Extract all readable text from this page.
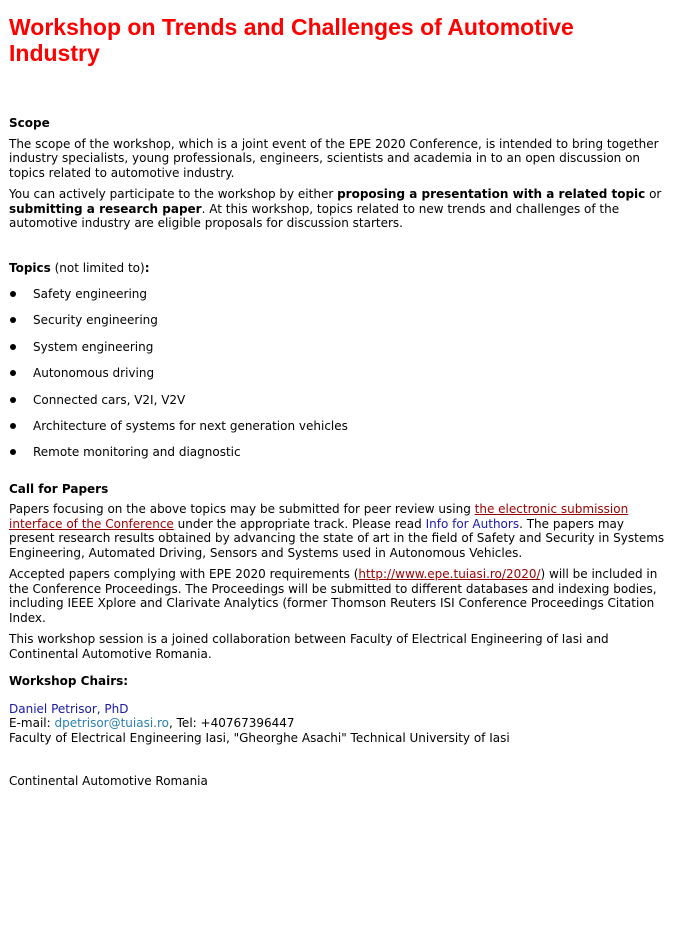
Workshop on Trends and Challenges of Automotive Industry
Scope

The scope of the workshop, which is a joint event of the EPE 2020 Conference, is intended to bring together industry specialists, young professionals, engineers, scientists and academia in to an open discussion on topics related to automotive industry.

You can actively participate to the workshop by either proposing a presentation with a related topic or submitting a research paper. At this workshop, topics related to new trends and challenges of the automotive industry are eligible proposals for discussion starters.

Topics (not limited to):
Safety engineering
Security engineering
System engineering
Autonomous driving
Connected cars, V2I, V2V
Architecture of systems for next generation vehicles
Remote monitoring and diagnostic
Call for Papers

Papers focusing on the above topics may be submitted for peer review using the electronic submission interface of the Conference under the appropriate track. Please read Info for Authors. The papers may present research results obtained by advancing the state of art in the field of Safety and Security in Systems Engineering, Automated Driving, Sensors and Systems used in Autonomous Vehicles.

Accepted papers complying with EPE 2020 requirements (http://www.epe.tuiasi.ro/2020/) will be included in the Conference Proceedings. The Proceedings will be submitted to different databases and indexing bodies, including IEEE Xplore and Clarivate Analytics (former Thomson Reuters ISI Conference Proceedings Citation Index.

This workshop session is a joined collaboration between Faculty of Electrical Engineering of Iasi and Continental Automotive Romania.

Workshop Chairs:
Daniel Petrisor, PhD
E-mail: dpetrisor@tuiasi.ro, Tel: +40767396447
Faculty of Electrical Engineering Iasi, "Gheorghe Asachi" Technical University of Iasi
Continental Automotive Romania
